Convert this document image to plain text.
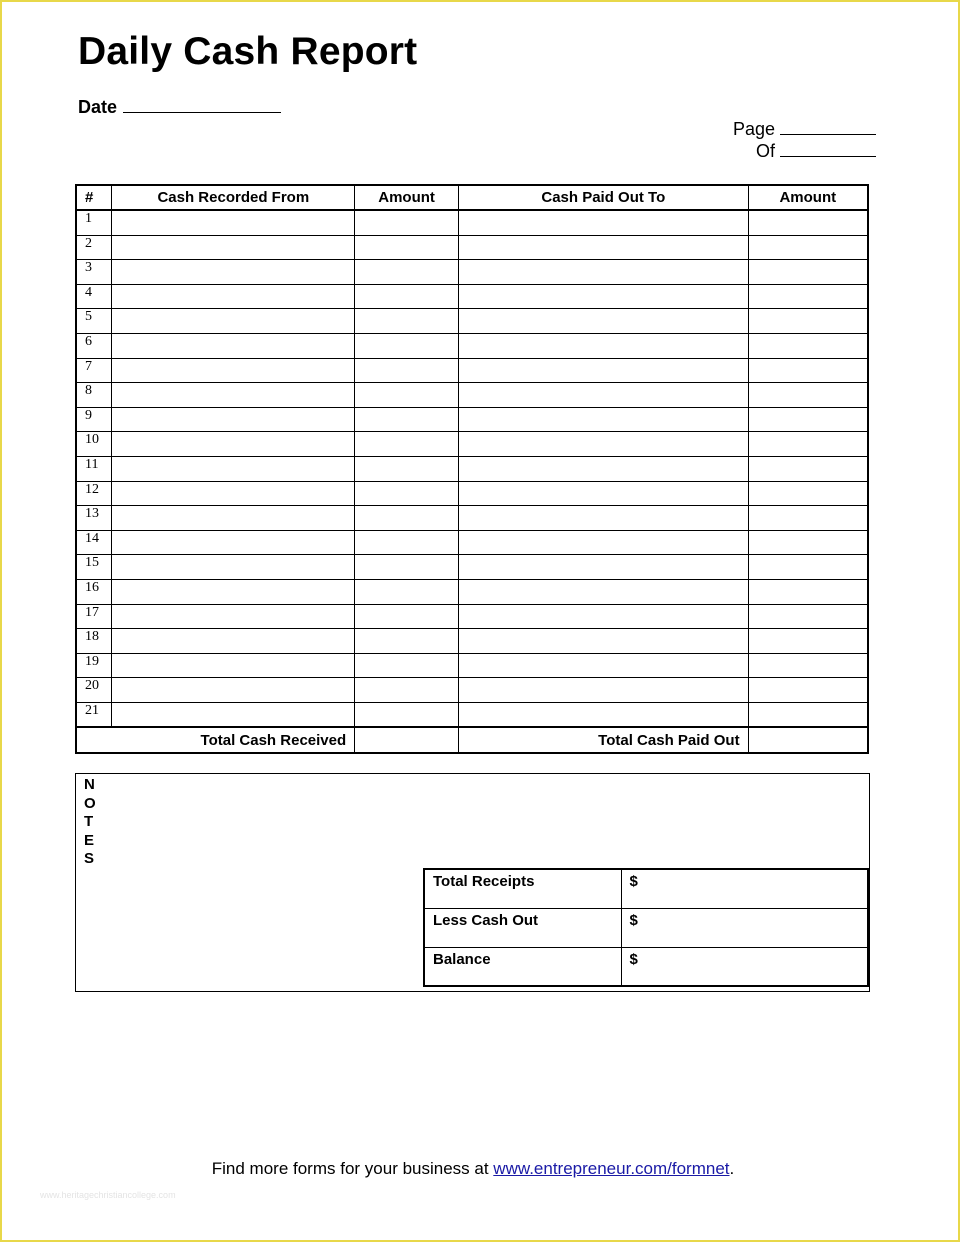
Daily Cash Report
Date
Page
Of
#	Cash Recorded From	Amount	Cash Paid Out To	Amount
1				
2				
3				
4				
5				
6				
7				
8				
9				
10				
11				
12				
13				
14				
15				
16				
17				
18				
19				
20				
21				
Total Cash Received			Total Cash Paid Out	
N
O
T
E
S
Total Receipts	$
Less Cash Out	$
Balance	$
Find more forms for your business at www.entrepreneur.com/formnet.
www.heritagechristiancollege.com
